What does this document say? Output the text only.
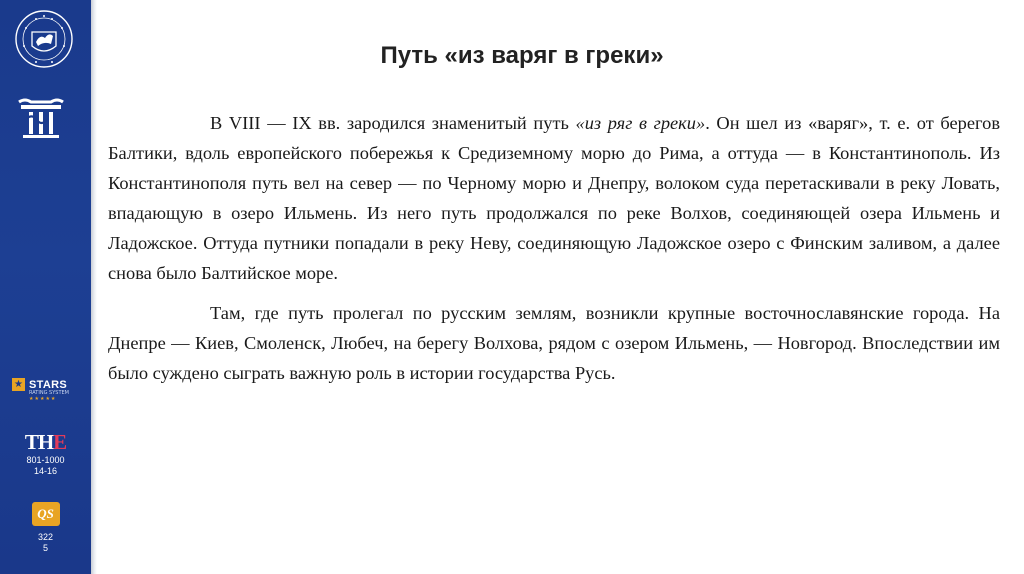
★ STARS
RATING SYSTEM
★★★★★
THE
801-1000
14-16
QS
322
5
Путь «из варяг в греки»

В VIII — IX вв. зародился знаменитый путь «из ряг в греки». Он шел из «варяг», т. е. от берегов Балтики, вдоль европейского побережья к Средиземному морю до Рима, а оттуда — в Константинополь. Из Константинополя путь вел на север — по Черному морю и Днепру, волоком суда перетаскивали в реку Ловать, впадающую в озеро Ильмень. Из него путь продолжался по реке Волхов, соединяющей озера Ильмень и Ладожское. Оттуда путники попадали в реку Неву, соединяющую Ладожское озеро с Финским заливом, а далее снова было Балтийское море.

Там, где путь пролегал по русским землям, возникли крупные восточнославянские города. На Днепре — Киев, Смоленск, Любеч, на берегу Волхова, рядом с озером Ильмень, — Новгород. Впоследствии им было суждено сыграть важную роль в истории государства Русь.
